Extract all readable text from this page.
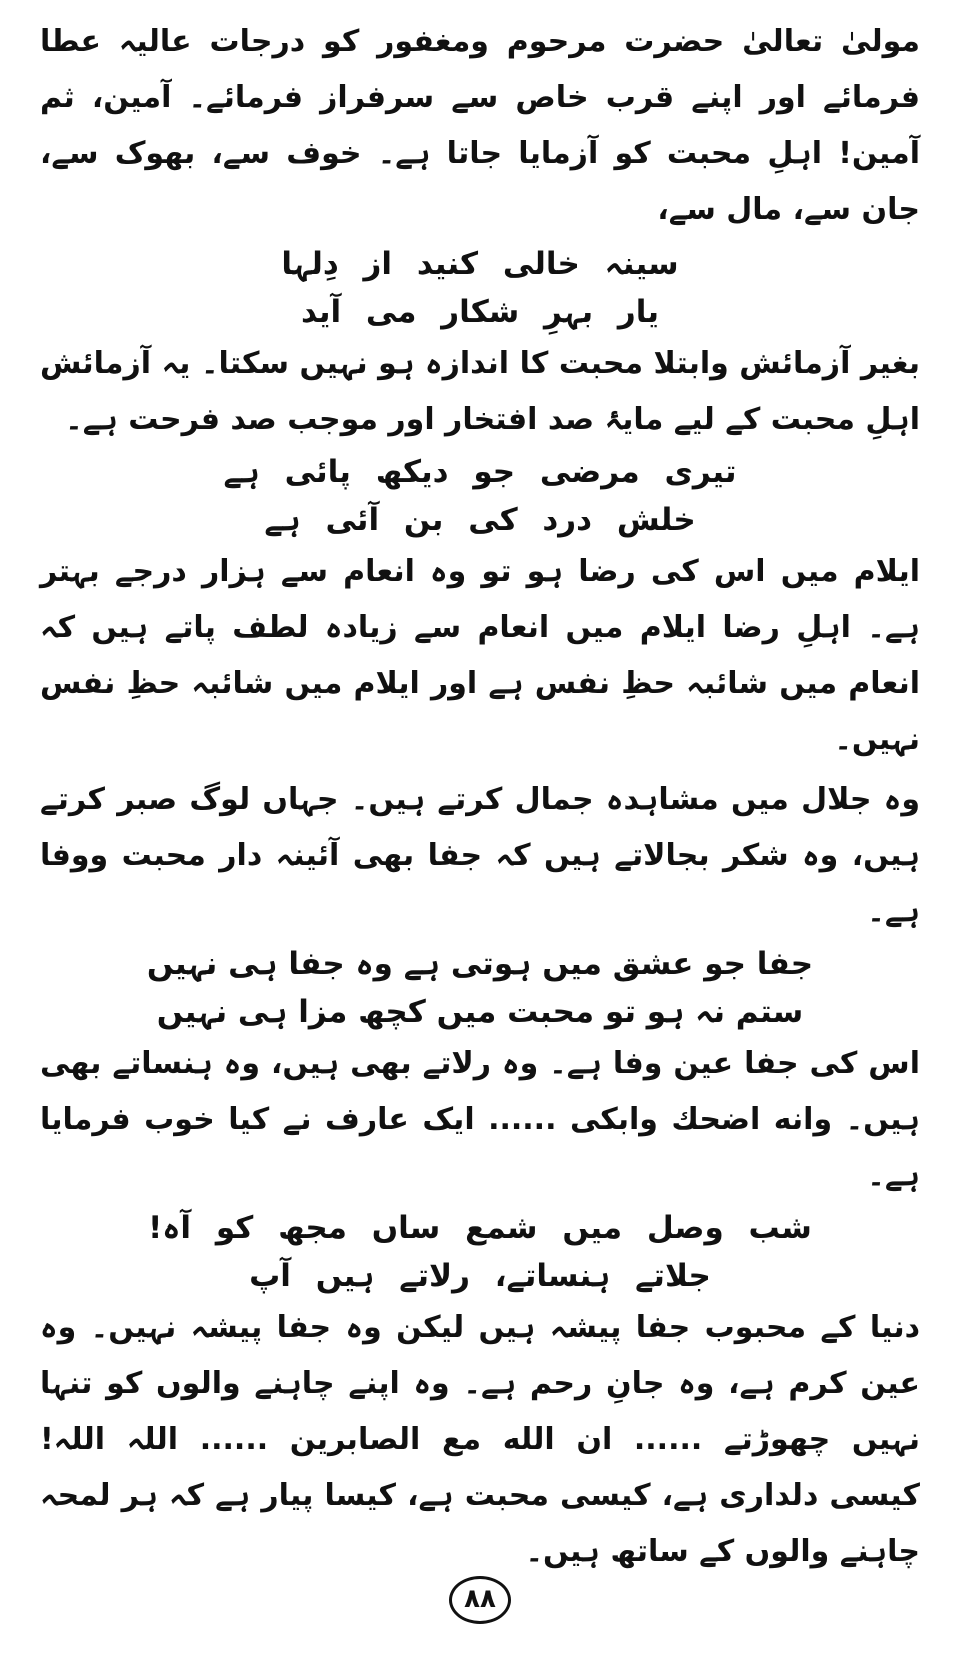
مولیٰ تعالیٰ حضرت مرحوم ومغفور کو درجات عالیہ عطا فرمائے اور اپنے قرب خاص سے سرفراز فرمائے۔ آمین، ثم آمین! اہلِ محبت کو آزمایا جاتا ہے۔ خوف سے، بھوک سے، جان سے، مال سے،

سینہ خالی کنید از دِلہا
یار بہرِ شکار می آید

بغیر آزمائش وابتلا محبت کا اندازہ ہو نہیں سکتا۔ یہ آزمائش اہلِ محبت کے لیے مایۂ صد افتخار اور موجب صد فرحت ہے۔

تیری مرضی جو دیکھ پائی ہے
خلش درد کی بن آئی ہے

ایلام میں اس کی رضا ہو تو وہ انعام سے ہزار درجے بہتر ہے۔ اہلِ رضا ایلام میں انعام سے زیادہ لطف پاتے ہیں کہ انعام میں شائبہ حظِ نفس ہے اور ایلام میں شائبہ حظِ نفس نہیں۔

وہ جلال میں مشاہدہ جمال کرتے ہیں۔ جہاں لوگ صبر کرتے ہیں، وہ شکر بجالاتے ہیں کہ جفا بھی آئینہ دار محبت ووفا ہے۔

جفا جو عشق میں ہوتی ہے وہ جفا ہی نہیں
ستم نہ ہو تو محبت میں کچھ مزا ہی نہیں

اس کی جفا عین وفا ہے۔ وہ رلاتے بھی ہیں، وہ ہنساتے بھی ہیں۔ وانه اضحك وابکی ...... ایک عارف نے کیا خوب فرمایا ہے۔

شب وصل میں شمع ساں مجھ کو آہ!
جلاتے ہنساتے، رلاتے ہیں آپ

دنیا کے محبوب جفا پیشہ ہیں لیکن وہ جفا پیشہ نہیں۔ وہ عین کرم ہے، وہ جانِ رحم ہے۔ وہ اپنے چاہنے والوں کو تنہا نہیں چھوڑتے ...... ان الله مع الصابرين ...... اللہ اللہ! کیسی دلداری ہے، کیسی محبت ہے، کیسا پیار ہے کہ ہر لمحہ چاہنے والوں کے ساتھ ہیں۔

۸۸
